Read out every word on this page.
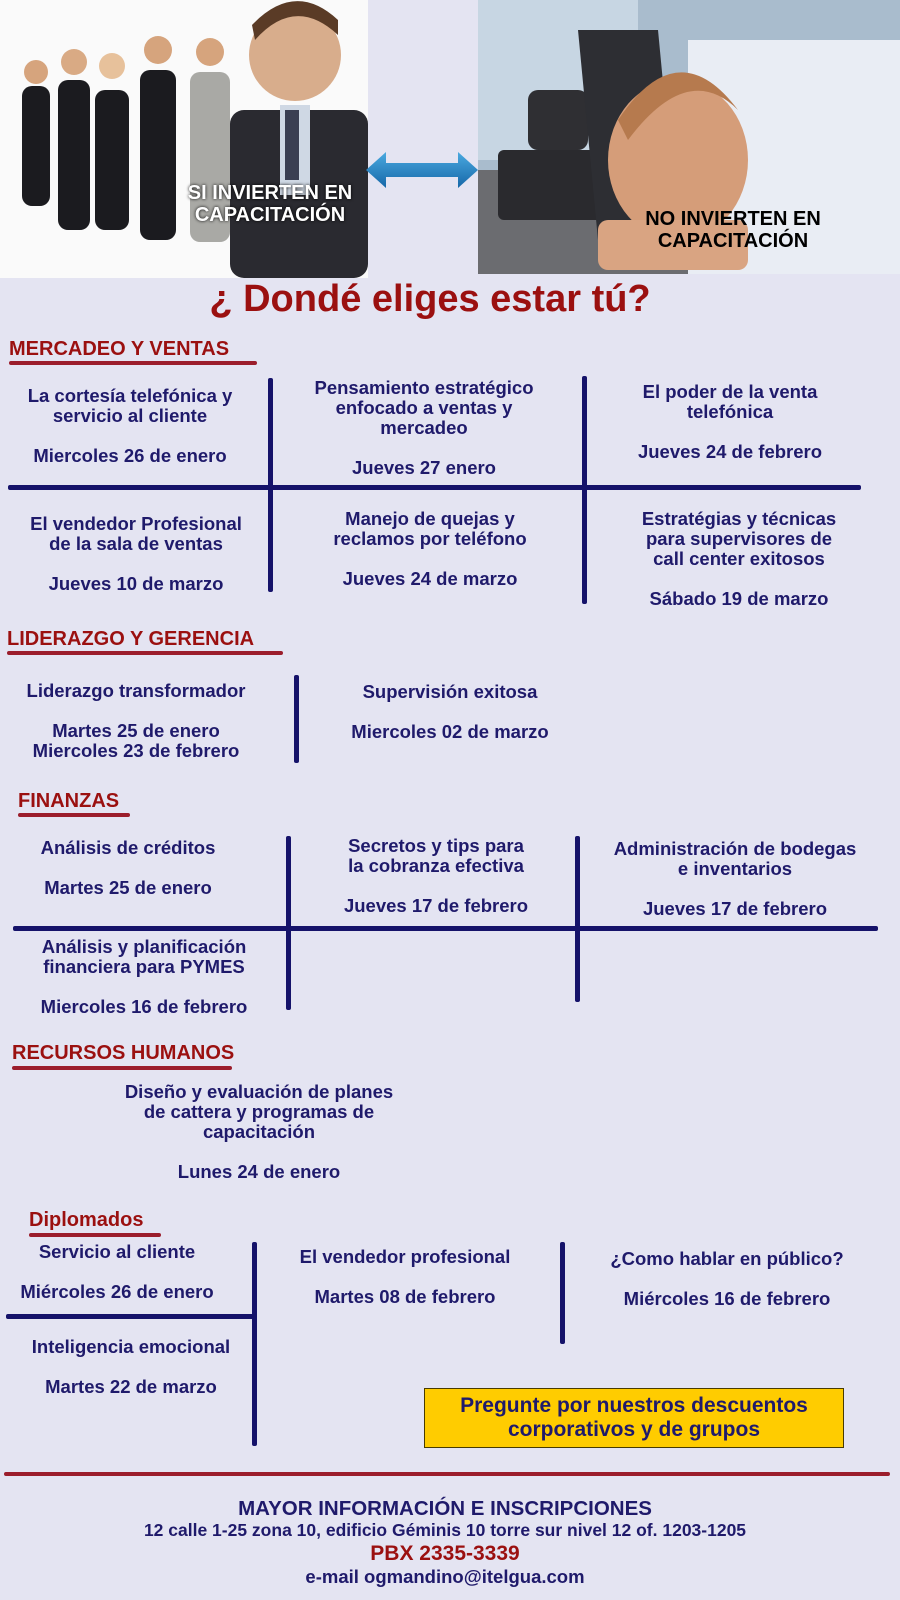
SI INVIERTEN EN
CAPACITACIÓN	NO INVIERTEN EN
CAPACITACIÓN
¿ Dondé eliges estar tú?
MERCADEO Y VENTAS
La cortesía telefónica y
servicio al cliente
Miercoles 26 de enero
Pensamiento estratégico
enfocado a ventas y
mercadeo
Jueves 27 enero
El poder de la venta
telefónica
Jueves 24 de febrero
El vendedor Profesional
de la sala de ventas
Jueves 10 de marzo
Manejo de quejas y
reclamos por teléfono
Jueves 24 de marzo
Estratégias y técnicas
para supervisores de
call center exitosos
Sábado 19 de marzo
LIDERAZGO Y GERENCIA
Liderazgo transformador
Martes 25 de enero
Miercoles 23 de febrero
Supervisión exitosa
Miercoles 02 de marzo
FINANZAS
Análisis de créditos
Martes 25 de enero
Secretos y tips para
la cobranza efectiva
Jueves 17 de febrero
Administración de bodegas
e inventarios
Jueves 17 de febrero
Análisis y planificación
financiera para PYMES
Miercoles 16 de febrero
RECURSOS HUMANOS
Diseño y evaluación de planes
de cattera y programas de
capacitación
Lunes 24 de enero
Diplomados
Servicio al cliente
Miércoles 26 de enero
El vendedor profesional
Martes 08 de febrero
¿Como hablar en público?
Miércoles 16 de febrero
Inteligencia emocional
Martes 22 de marzo
Pregunte por nuestros descuentos
corporativos y de grupos
MAYOR INFORMACIÓN E INSCRIPCIONES
12 calle 1-25 zona 10, edificio Géminis 10 torre sur nivel 12 of. 1203-1205
PBX 2335-3339
e-mail ogmandino@itelgua.com
